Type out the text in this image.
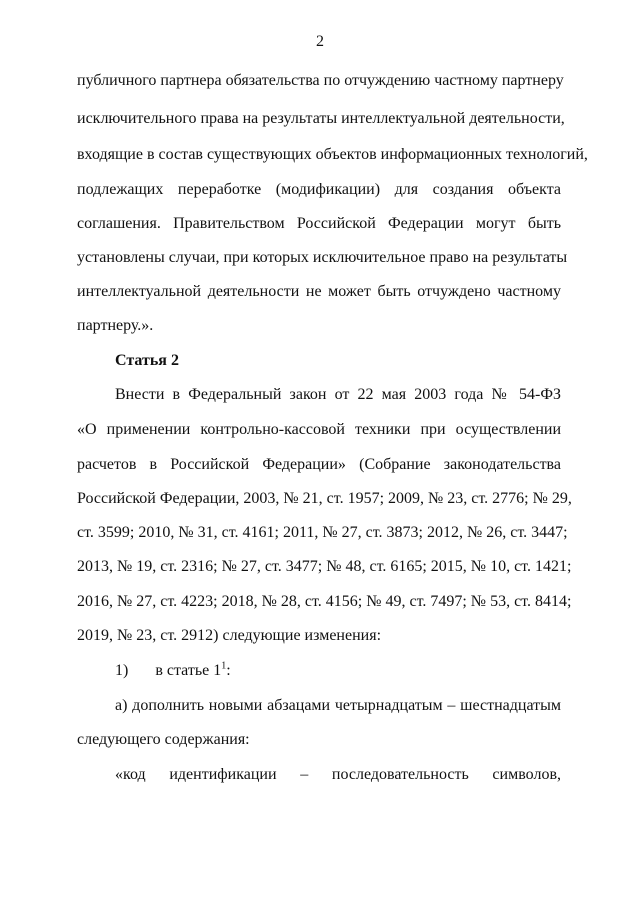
2
публичного партнера обязательства по отчуждению частному партнеру
исключительного права на результаты интеллектуальной деятельности,
входящие в состав существующих объектов информационных технологий,
подлежащих переработке (модификации) для создания объекта
соглашения. Правительством Российской Федерации могут быть
установлены случаи, при которых исключительное право на результаты
интеллектуальной деятельности не может быть отчуждено частному
партнеру.».
Статья 2
Внести в Федеральный закон от 22 мая 2003 года № 54-ФЗ
«О применении контрольно-кассовой техники при осуществлении
расчетов в Российской Федерации» (Собрание законодательства
Российской Федерации, 2003, № 21, ст. 1957; 2009, № 23, ст. 2776; № 29,
ст. 3599; 2010, № 31, ст. 4161; 2011, № 27, ст. 3873; 2012, № 26, ст. 3447;
2013, № 19, ст. 2316; № 27, ст. 3477; № 48, ст. 6165; 2015, № 10, ст. 1421;
2016, № 27, ст. 4223; 2018, № 28, ст. 4156; № 49, ст. 7497; № 53, ст. 8414;
2019, № 23, ст. 2912) следующие изменения:
1) в статье $1^1$:
а) дополнить новыми абзацами четырнадцатым – шестнадцатым
следующего содержания:
«код идентификации – последовательность символов,
